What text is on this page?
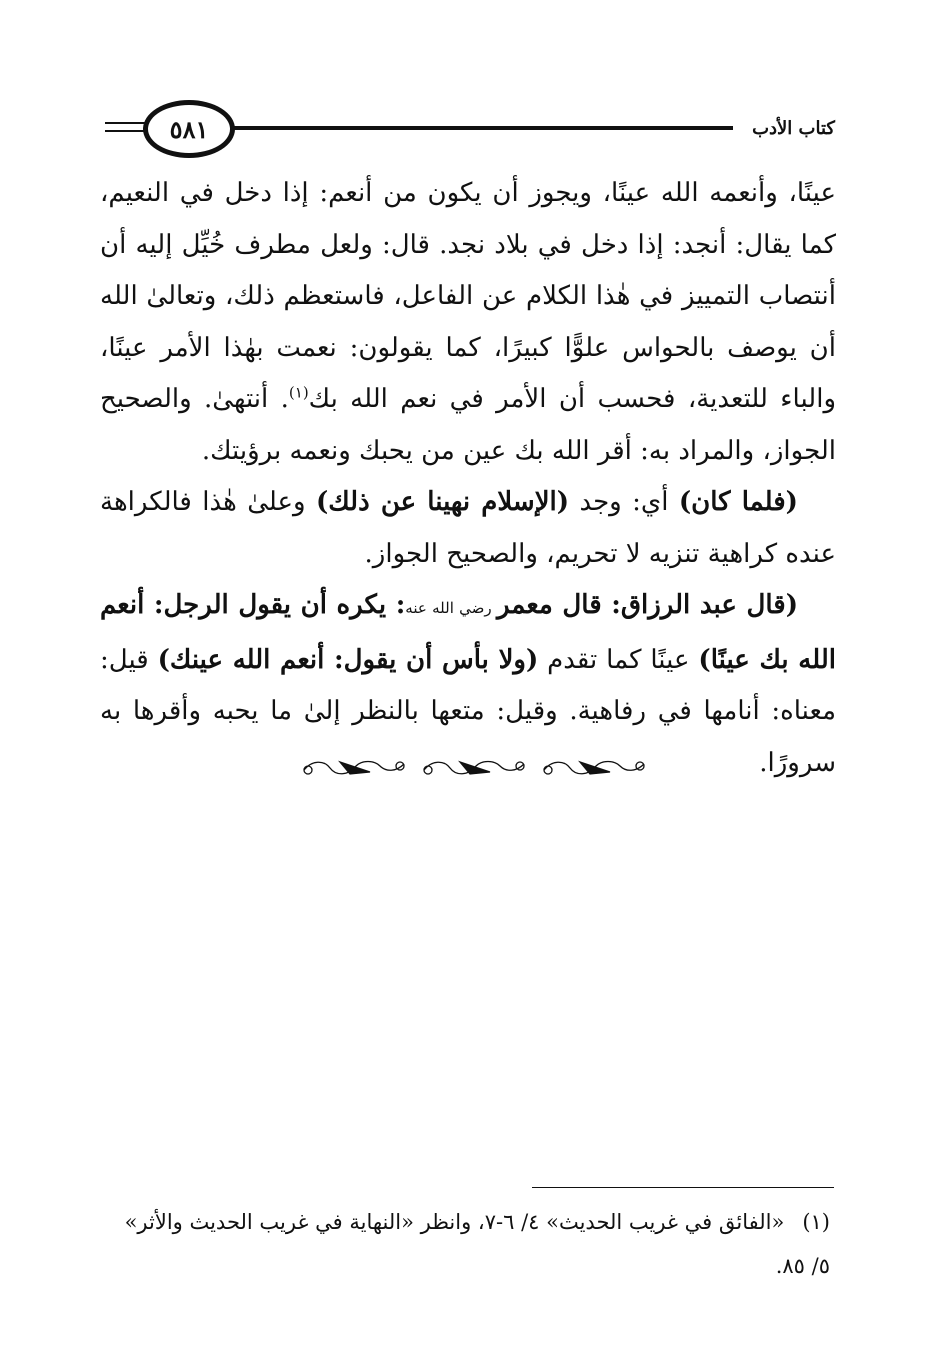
٥٨١	كتاب الأدب

عينًا، وأنعمه الله عينًا، ويجوز أن يكون من أنعم: إذا دخل في النعيم، كما يقال: أنجد: إذا دخل في بلاد نجد. قال: ولعل مطرف خُيِّل إليه أن أنتصاب التمييز في هٰذا الكلام عن الفاعل، فاستعظم ذلك، وتعالىٰ الله أن يوصف بالحواس علوًّا كبيرًا، كما يقولون: نعمت بهٰذا الأمر عينًا، والباء للتعدية، فحسب أن الأمر في نعم الله بك$^{(١)}$. أنتهىٰ. والصحيح الجواز، والمراد به: أقر الله بك عين من يحبك ونعمه برؤيتك.

(فلما كان) أي: وجد (الإسلام نهينا عن ذلك) وعلىٰ هٰذا فالكراهة عنده كراهية تنزيه لا تحريم، والصحيح الجواز.

(قال عبد الرزاق: قال معمر رضي الله عنه: يكره أن يقول الرجل: أنعم الله بك عينًا) عينًا كما تقدم (ولا بأس أن يقول: أنعم الله عينك) قيل: معناه: أنامها في رفاهية. وقيل: متعها بالنظر إلىٰ ما يحبه وأقرها به سرورًا.

(١)«الفائق في غريب الحديث» ٤/ ٦-٧، وانظر «النهاية في غريب الحديث والأثر» ٥/ ٨٥.
